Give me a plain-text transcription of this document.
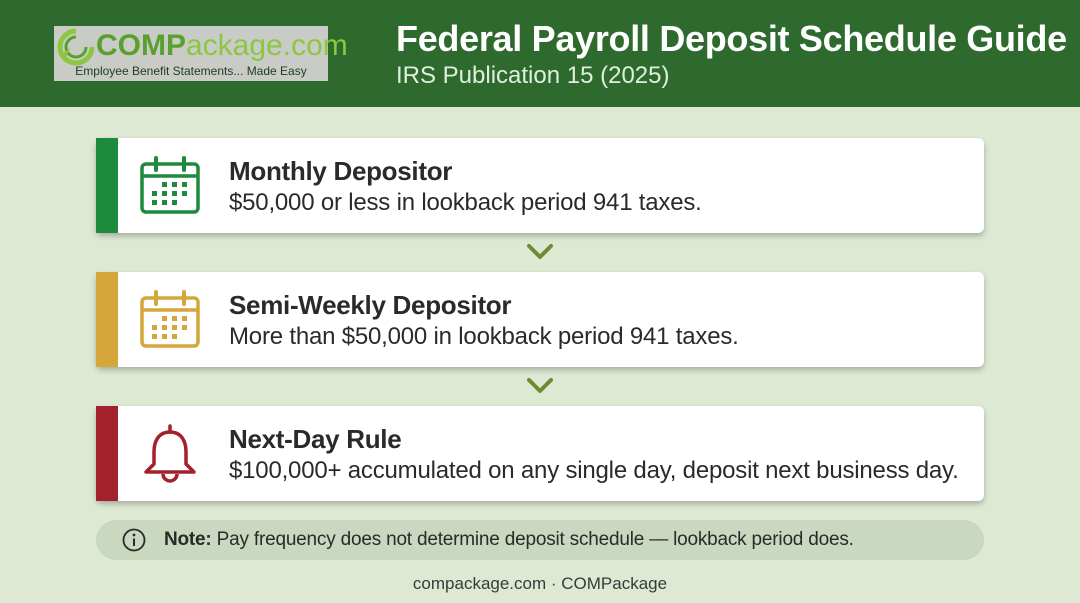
COMPackage.com
Employee Benefit Statements... Made Easy
Federal Payroll Deposit Schedule Guide
IRS Publication 15 (2025)
Monthly Depositor
$50,000 or less in lookback period 941 taxes.
Semi-Weekly Depositor
More than $50,000 in lookback period 941 taxes.
Next-Day Rule
$100,000+ accumulated on any single day, deposit next business day.
Note: Pay frequency does not determine deposit schedule — lookback period does.
compackage.com · COMPackage
